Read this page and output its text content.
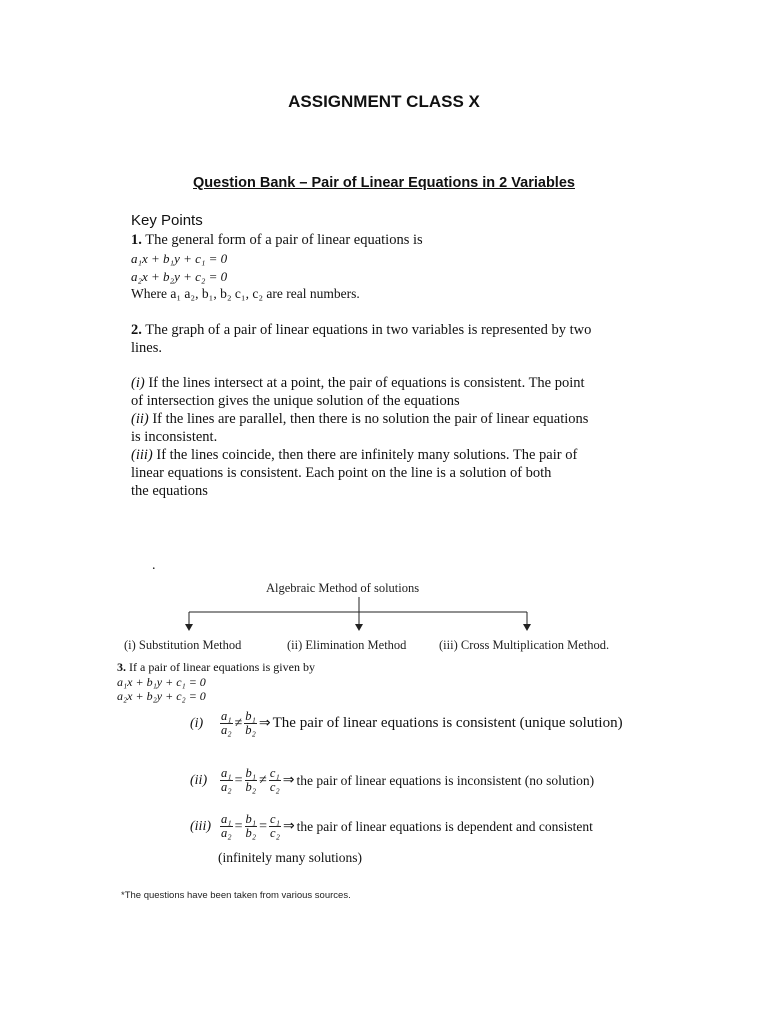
ASSIGNMENT CLASS X
Question Bank – Pair of Linear Equations in 2 Variables
Key Points
1. The general form of a pair of linear equations is
a₁x + b₁y + c₁ = 0
a₂x + b₂y + c₂ = 0
Where a₁ a₂, b₁, b₂ c₁, c₂ are real numbers.
2. The graph of a pair of linear equations in two variables is represented by two
lines.
(i) If the lines intersect at a point, the pair of equations is consistent. The point
of intersection gives the unique solution of the equations
(ii) If the lines are parallel, then there is no solution the pair of linear equations
is inconsistent.
(iii) If the lines coincide, then there are infinitely many solutions. The pair of
linear equations is consistent. Each point on the line is a solution of both
the equations
.
Algebraic Method of solutions
(i) Substitution Method	(ii) Elimination Method	(iii) Cross Multiplication Method.
3. If a pair of linear equations is given by
a₁x + b₁y + c₁ = 0
a₂x + b₂y + c₂ = 0
(i)	$\frac{\text{a₁}}{\text{a₂}} \ne \frac{\text{b₁}}{\text{b₂}}$ ⇒ The pair of linear equations is consistent (unique solution)
(ii)	$\frac{\text{a₁}}{\text{a₂}} = \frac{\text{b₁}}{\text{b₂}} \ne \frac{\text{c₁}}{\text{c₂}}$ ⇒ the pair of linear equations is inconsistent (no solution)
$(iii) \frac{\text{a₁}}{\text{a₂}} = \frac{\text{b₁}}{\text{b₂}} = \frac{\text{c₁}}{\text{c₂}}$ ⇒ the pair of linear equations is dependent and consistent
(infinitely many solutions)
*The questions have been taken from various sources.
